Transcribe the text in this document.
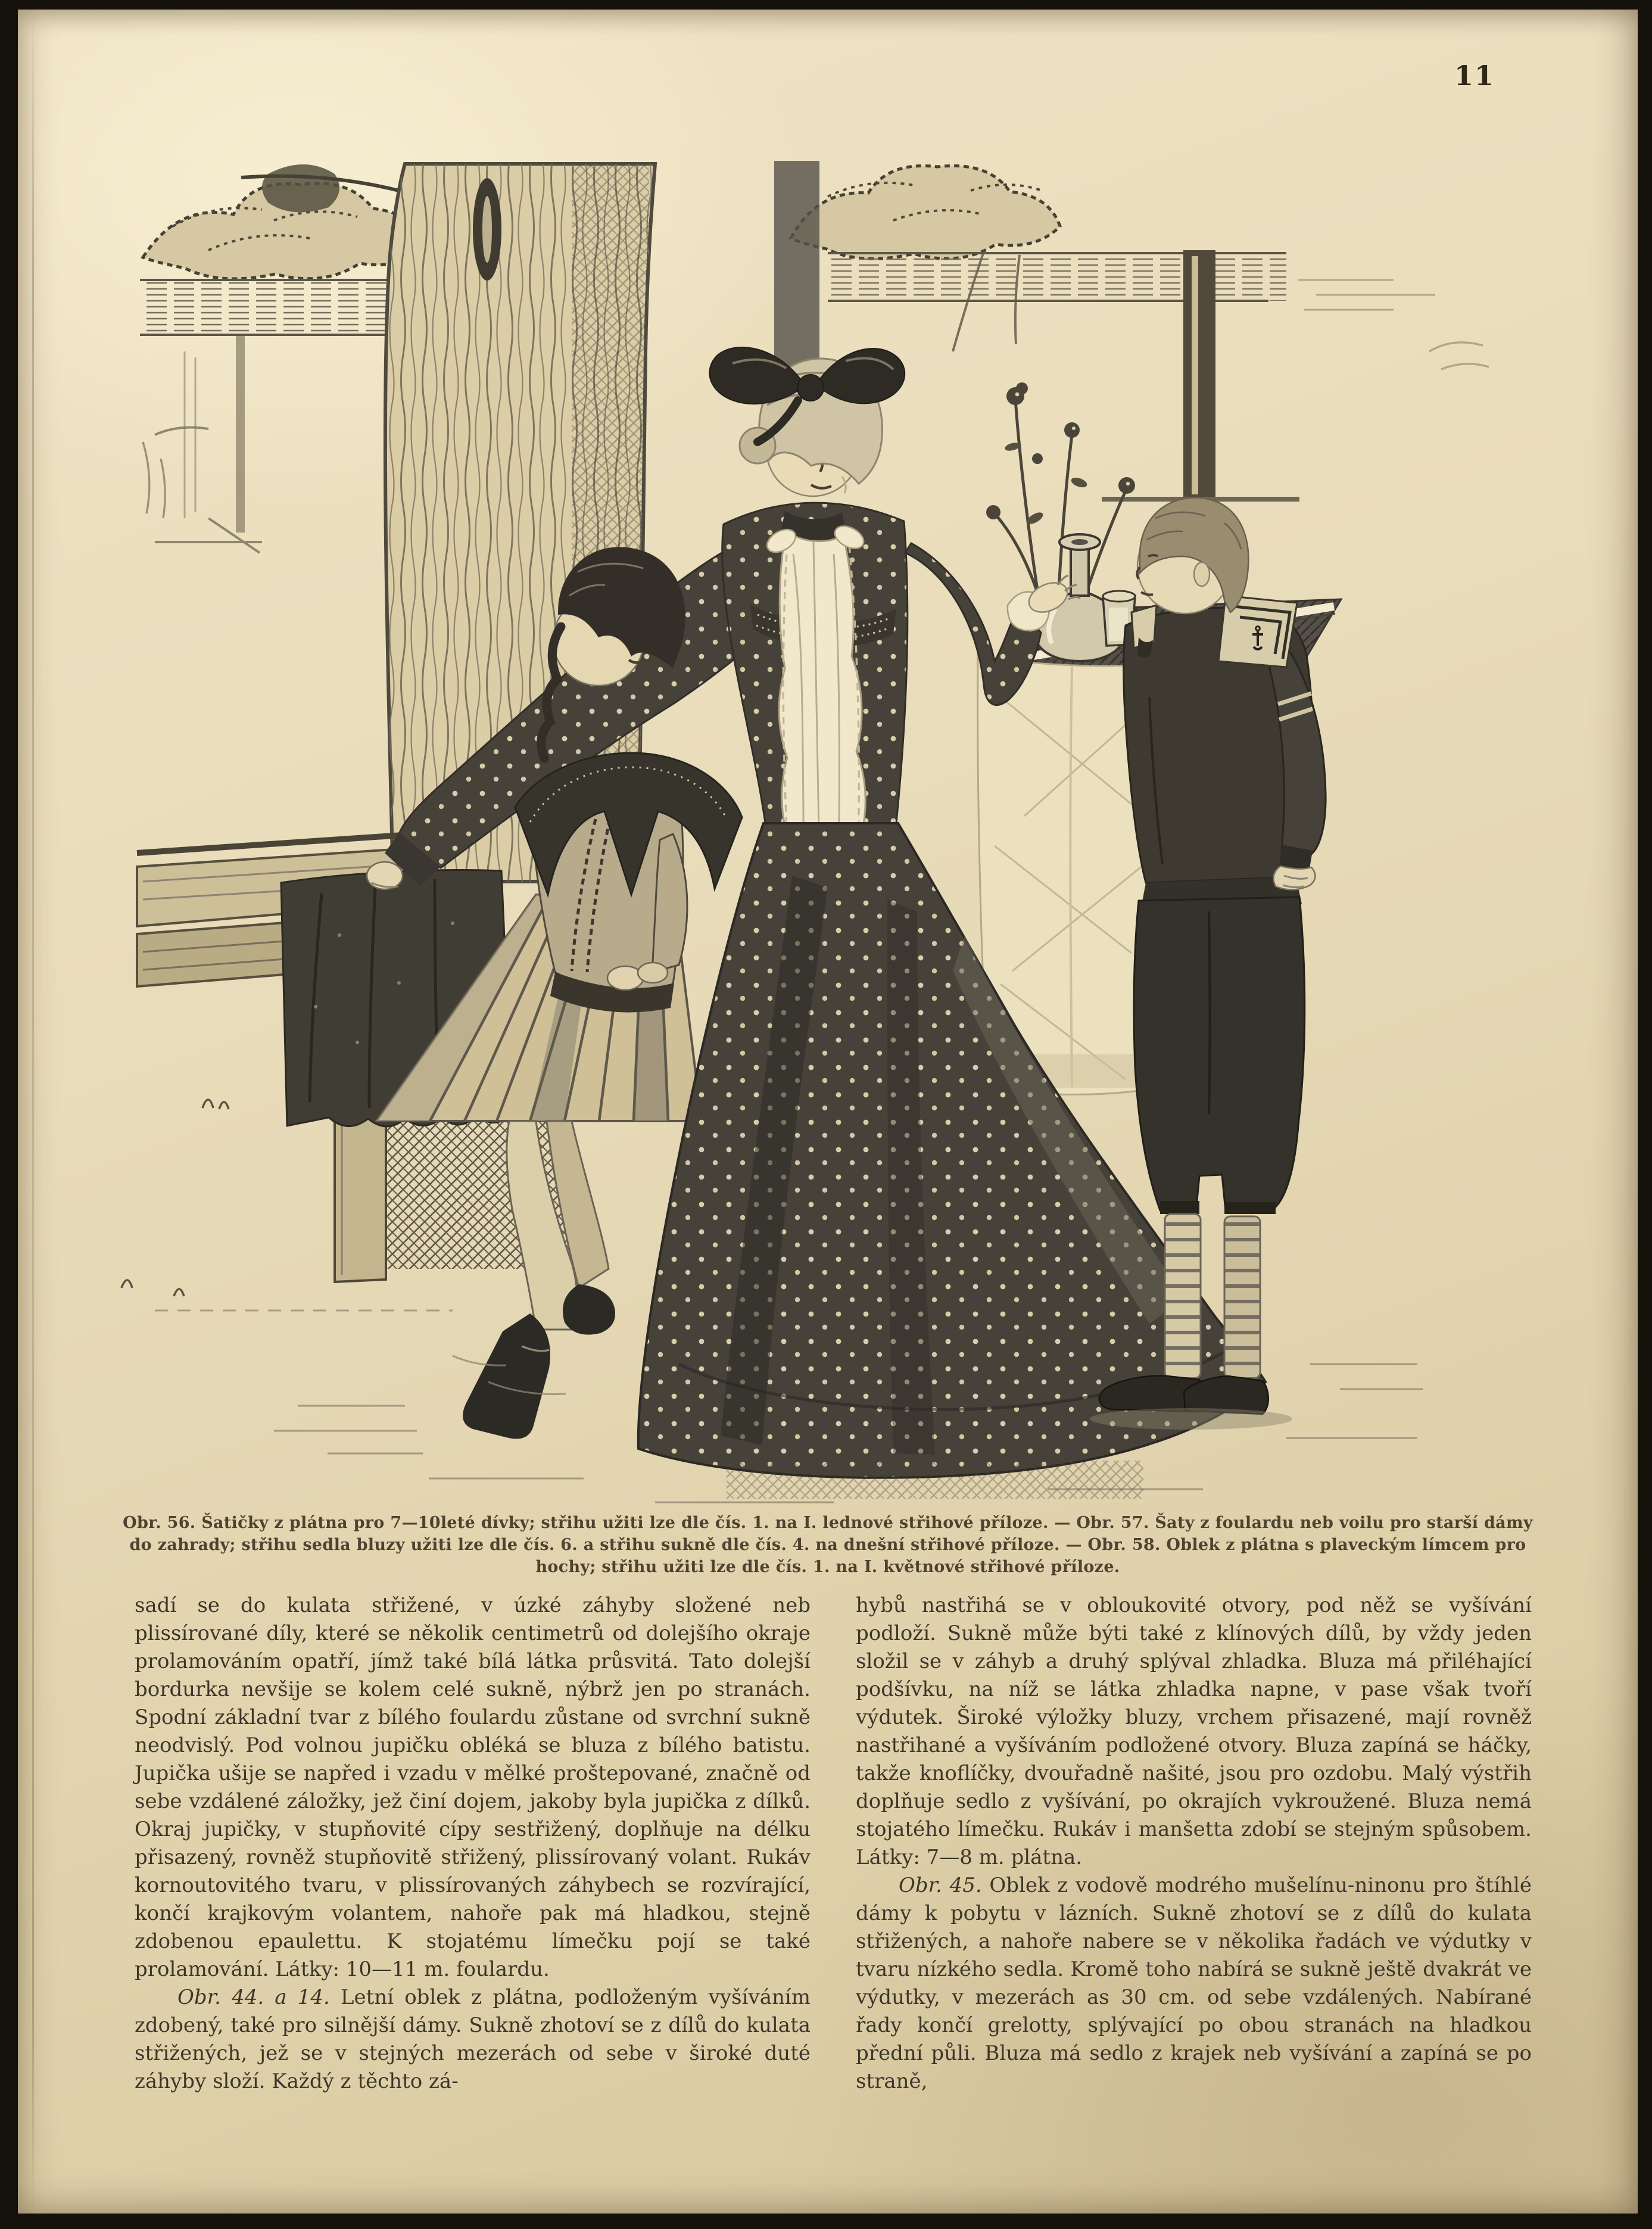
11
Obr. 56. Šatičky z plátna pro 7—10leté dívky; střihu užiti lze dle čís. 1. na I. lednové střihové příloze. — Obr. 57. Šaty z foulardu neb voilu pro starší dámy
do zahrady; střihu sedla bluzy užiti lze dle čís. 6. a střihu sukně dle čís. 4. na dnešní střihové příloze. — Obr. 58. Oblek z plátna s plaveckým límcem pro
hochy; střihu užiti lze dle čís. 1. na I. květnové střihové příloze.

sadí se do kulata střižené, v úzké záhyby složené neb plissírované díly, které se několik centimetrů od dolejšího okraje prolamováním opatří, jímž také bílá látka průsvitá. Tato dolejší bordurka nevšije se kolem celé sukně, nýbrž jen po stranách. Spodní základní tvar z bílého foulardu zůstane od svrchní sukně neodvislý. Pod volnou jupičku obléká se bluza z bílého batistu. Jupička ušije se napřed i vzadu v mělké proštepované, značně od sebe vzdálené záložky, jež činí dojem, jakoby byla jupička z dílků. Okraj jupičky, v stupňovité cípy sestřižený, doplňuje na délku přisazený, rovněž stupňovitě střižený, plissírovaný volant. Rukáv kornoutovitého tvaru, v plissírovaných záhybech se rozvírající, končí krajkovým volantem, nahoře pak má hladkou, stejně zdobenou epaulettu. K stojatému límečku pojí se také prolamování. Látky: 10—11 m. foulardu.

Obr. 44. a 14. Letní oblek z plátna, podloženým vyšíváním zdobený, také pro silnější dámy. Sukně zhotoví se z dílů do kulata střižených, jež se v stejných mezerách od sebe v široké duté záhyby složí. Každý z těchto zá-

hybů nastřihá se v obloukovité otvory, pod něž se vyšívání podloží. Sukně může býti také z klínových dílů, by vždy jeden složil se v záhyb a druhý splýval zhladka. Bluza má přiléhající podšívku, na níž se látka zhladka napne, v pase však tvoří výdutek. Široké výložky bluzy, vrchem přisazené, mají rovněž nastřihané a vyšíváním podložené otvory. Bluza zapíná se háčky, takže knoflíčky, dvouřadně našité, jsou pro ozdobu. Malý výstřih doplňuje sedlo z vyšívání, po okrajích vykroužené. Bluza nemá stojatého límečku. Rukáv i manšetta zdobí se stejným spůsobem. Látky: 7—8 m. plátna.

Obr. 45. Oblek z vodově modrého mušelínu-ninonu pro štíhlé dámy k pobytu v lázních. Sukně zhotoví se z dílů do kulata střižených, a nahoře nabere se v několika řadách ve výdutky v tvaru nízkého sedla. Kromě toho nabírá se sukně ještě dvakrát ve výdutky, v mezerách as 30 cm. od sebe vzdálených. Nabírané řady končí grelotty, splývající po obou stranách na hladkou přední půli. Bluza má sedlo z krajek neb vyšívání a zapíná se po straně,
